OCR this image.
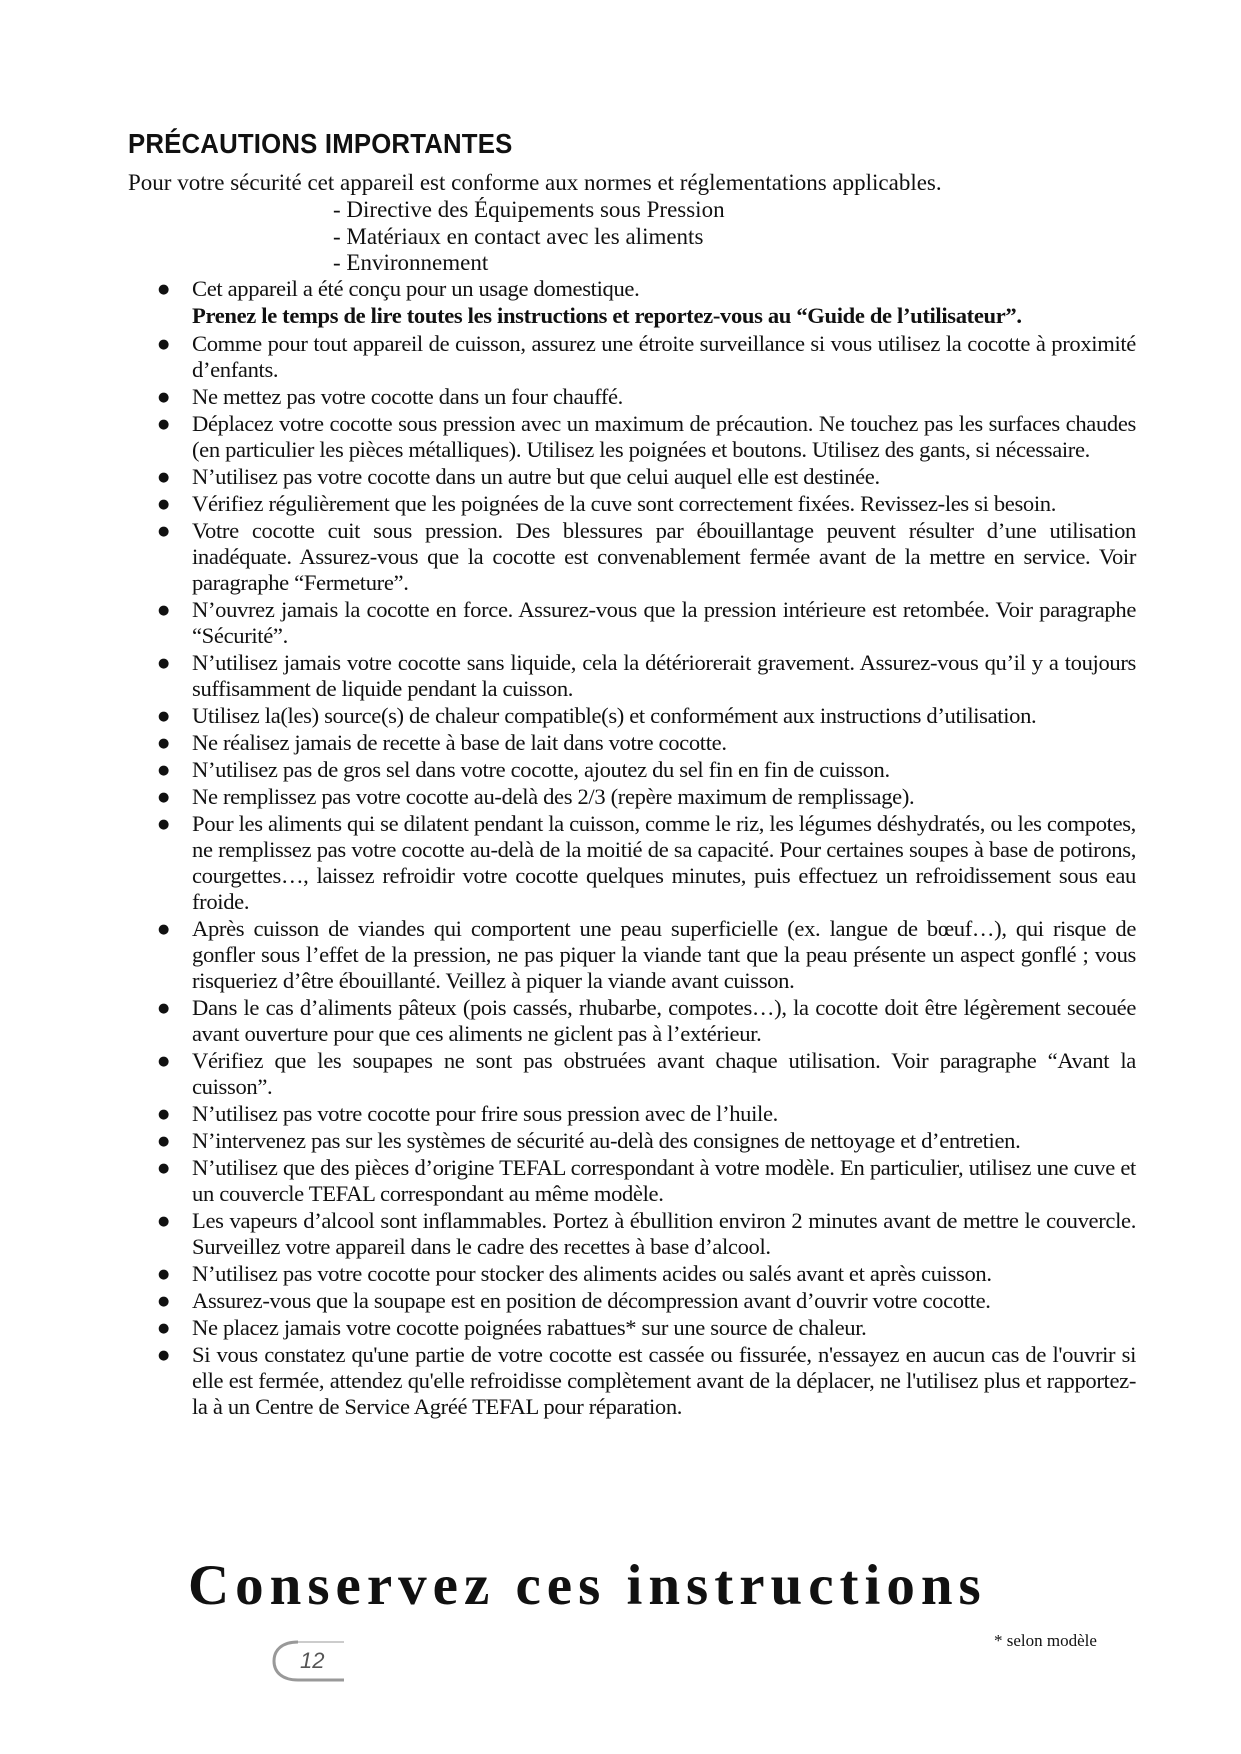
PRÉCAUTIONS IMPORTANTES
Pour votre sécurité cet appareil est conforme aux normes et réglementations applicables.
- Directive des Équipements sous Pression
- Matériaux en contact avec les aliments
- Environnement
● Cet appareil a été conçu pour un usage domestique.
Prenez le temps de lire toutes les instructions et reportez-vous au “Guide de l’utilisateur”.
● Comme pour tout appareil de cuisson, assurez une étroite surveillance si vous utilisez la cocotte à proximité d’enfants.
● Ne mettez pas votre cocotte dans un four chauffé.
● Déplacez votre cocotte sous pression avec un maximum de précaution. Ne touchez pas les surfaces chaudes (en particulier les pièces métalliques). Utilisez les poignées et boutons. Utilisez des gants, si nécessaire.
● N’utilisez pas votre cocotte dans un autre but que celui auquel elle est destinée.
● Vérifiez régulièrement que les poignées de la cuve sont correctement fixées. Revissez-les si besoin.
● Votre cocotte cuit sous pression. Des blessures par ébouillantage peuvent résulter d’une utilisation inadéquate. Assurez-vous que la cocotte est convenablement fermée avant de la mettre en service. Voir paragraphe “Fermeture”.
● N’ouvrez jamais la cocotte en force. Assurez-vous que la pression intérieure est retombée. Voir paragraphe “Sécurité”.
● N’utilisez jamais votre cocotte sans liquide, cela la détériorerait gravement. Assurez-vous qu’il y a toujours suffisamment de liquide pendant la cuisson.
● Utilisez la(les) source(s) de chaleur compatible(s) et conformément aux instructions d’utilisation.
● Ne réalisez jamais de recette à base de lait dans votre cocotte.
● N’utilisez pas de gros sel dans votre cocotte, ajoutez du sel fin en fin de cuisson.
● Ne remplissez pas votre cocotte au-delà des 2/3 (repère maximum de remplissage).
● Pour les aliments qui se dilatent pendant la cuisson, comme le riz, les légumes déshydratés, ou les compotes, ne remplissez pas votre cocotte au-delà de la moitié de sa capacité. Pour certaines soupes à base de potirons, courgettes…, laissez refroidir votre cocotte quelques minutes, puis effectuez un refroidissement sous eau froide.
● Après cuisson de viandes qui comportent une peau superficielle (ex. langue de bœuf…), qui risque de gonfler sous l’effet de la pression, ne pas piquer la viande tant que la peau présente un aspect gonflé ; vous risqueriez d’être ébouillanté. Veillez à piquer la viande avant cuisson.
● Dans le cas d’aliments pâteux (pois cassés, rhubarbe, compotes…), la cocotte doit être légèrement secouée avant ouverture pour que ces aliments ne giclent pas à l’extérieur.
● Vérifiez que les soupapes ne sont pas obstruées avant chaque utilisation. Voir paragraphe “Avant la cuisson”.
● N’utilisez pas votre cocotte pour frire sous pression avec de l’huile.
● N’intervenez pas sur les systèmes de sécurité au-delà des consignes de nettoyage et d’entretien.
● N’utilisez que des pièces d’origine TEFAL correspondant à votre modèle. En particulier, utilisez une cuve et un couvercle TEFAL correspondant au même modèle.
● Les vapeurs d’alcool sont inflammables. Portez à ébullition environ 2 minutes avant de mettre le couvercle. Surveillez votre appareil dans le cadre des recettes à base d’alcool.
● N’utilisez pas votre cocotte pour stocker des aliments acides ou salés avant et après cuisson.
● Assurez-vous que la soupape est en position de décompression avant d’ouvrir votre cocotte.
● Ne placez jamais votre cocotte poignées rabattues* sur une source de chaleur.
● Si vous constatez qu'une partie de votre cocotte est cassée ou fissurée, n'essayez en aucun cas de l'ouvrir si elle est fermée, attendez qu'elle refroidisse complètement avant de la déplacer, ne l'utilisez plus et rapportez-la à un Centre de Service Agréé TEFAL pour réparation.
Conservez ces instructions
12
* selon modèle
